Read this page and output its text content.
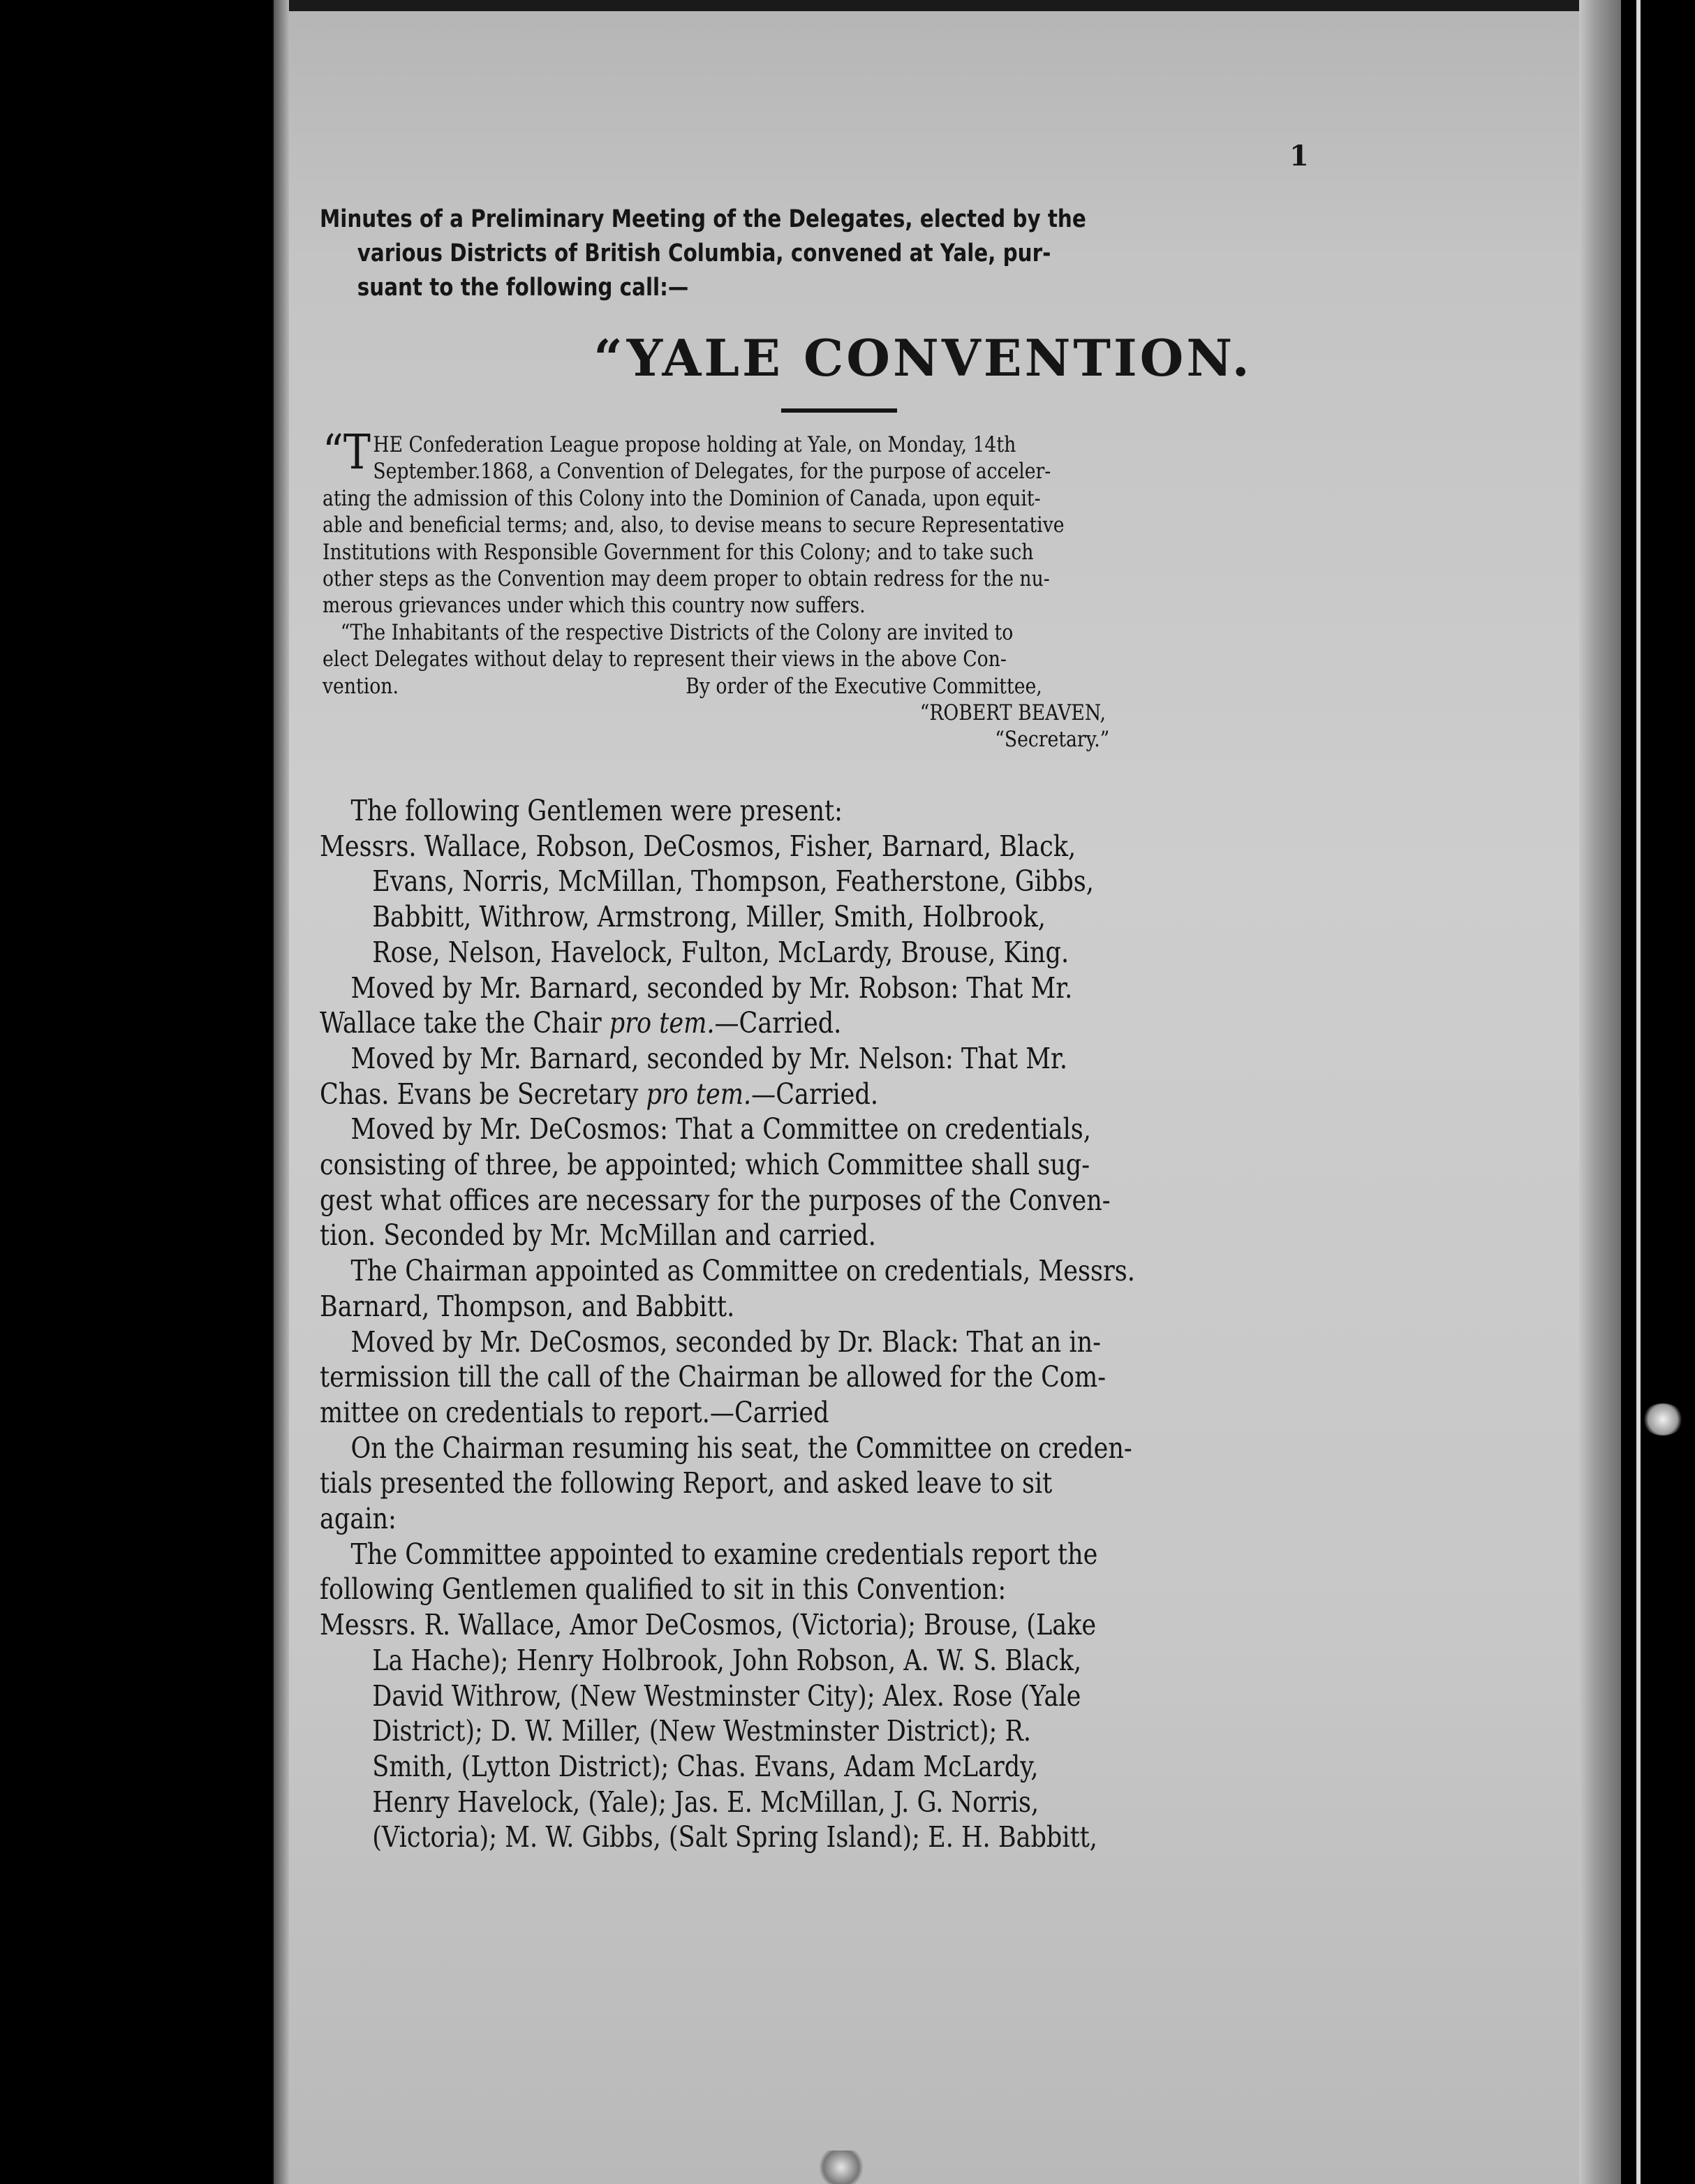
1
Minutes of a Preliminary Meeting of the Delegates, elected by the
various Districts of British Columbia, convened at Yale, pur-
suant to the following call:—
“YALE CONVENTION.
“T HE Confederation League propose holding at Yale, on Monday, 14th
September.1868, a Convention of Delegates, for the purpose of acceler-
ating the admission of this Colony into the Dominion of Canada, upon equit-
able and beneficial terms; and, also, to devise means to secure Representative
Institutions with Responsible Government for this Colony; and to take such
other steps as the Convention may deem proper to obtain redress for the nu-
merous grievances under which this country now suffers.
“The Inhabitants of the respective Districts of the Colony are invited to
elect Delegates without delay to represent their views in the above Con-
vention.	By order of the Executive Committee,
“ROBERT BEAVEN,
“Secretary.”

The following Gentlemen were present:

Messrs. Wallace, Robson, DeCosmos, Fisher, Barnard, Black,
Evans, Norris, McMillan, Thompson, Featherstone, Gibbs,
Babbitt, Withrow, Armstrong, Miller, Smith, Holbrook,
Rose, Nelson, Havelock, Fulton, McLardy, Brouse, King.
Moved by Mr. Barnard, seconded by Mr. Robson: That Mr.
Wallace take the Chair pro tem.—Carried.
Moved by Mr. Barnard, seconded by Mr. Nelson: That Mr.
Chas. Evans be Secretary pro tem.—Carried.
Moved by Mr. DeCosmos: That a Committee on credentials,
consisting of three, be appointed; which Committee shall sug-
gest what offices are necessary for the purposes of the Conven-
tion. Seconded by Mr. McMillan and carried.
The Chairman appointed as Committee on credentials, Messrs.
Barnard, Thompson, and Babbitt.
Moved by Mr. DeCosmos, seconded by Dr. Black: That an in-
termission till the call of the Chairman be allowed for the Com-
mittee on credentials to report.—Carried
On the Chairman resuming his seat, the Committee on creden-
tials presented the following Report, and asked leave to sit
again:
The Committee appointed to examine credentials report the
following Gentlemen qualified to sit in this Convention:
Messrs. R. Wallace, Amor DeCosmos, (Victoria); Brouse, (Lake
La Hache); Henry Holbrook, John Robson, A. W. S. Black,
David Withrow, (New Westminster City); Alex. Rose (Yale
District); D. W. Miller, (New Westminster District); R.
Smith, (Lytton District); Chas. Evans, Adam McLardy,
Henry Havelock, (Yale); Jas. E. McMillan, J. G. Norris,
(Victoria); M. W. Gibbs, (Salt Spring Island); E. H. Babbitt,
